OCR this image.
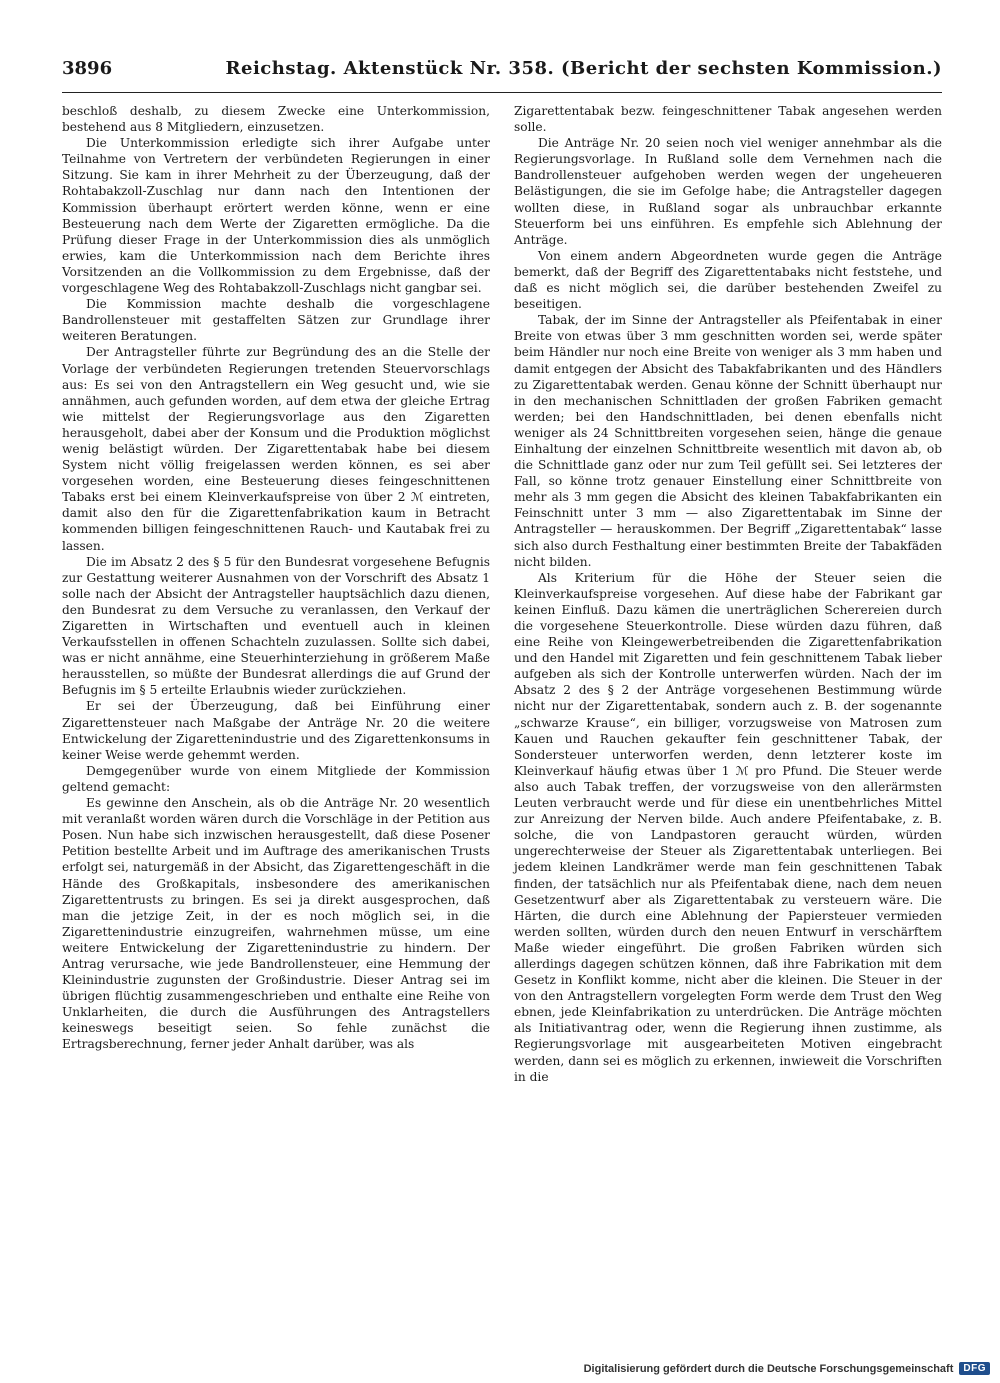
3896	Reichstag. Aktenstück Nr. 358. (Bericht der sechsten Kommission.)

beschloß deshalb, zu diesem Zwecke eine Unterkommission, bestehend aus 8 Mitgliedern, einzusetzen.

Die Unterkommission erledigte sich ihrer Aufgabe unter Teilnahme von Vertretern der verbündeten Regierungen in einer Sitzung. Sie kam in ihrer Mehrheit zu der Überzeugung, daß der Rohtabakzoll-Zuschlag nur dann nach den Intentionen der Kommission überhaupt erörtert werden könne, wenn er eine Besteuerung nach dem Werte der Zigaretten ermögliche. Da die Prüfung dieser Frage in der Unterkommission dies als unmöglich erwies, kam die Unterkommission nach dem Berichte ihres Vorsitzenden an die Vollkommission zu dem Ergebnisse, daß der vorgeschlagene Weg des Rohtabakzoll-Zuschlags nicht gangbar sei.

Die Kommission machte deshalb die vorgeschlagene Bandrollensteuer mit gestaffelten Sätzen zur Grundlage ihrer weiteren Beratungen.

Der Antragsteller führte zur Begründung des an die Stelle der Vorlage der verbündeten Regierungen tretenden Steuervorschlags aus: Es sei von den Antragstellern ein Weg gesucht und, wie sie annähmen, auch gefunden worden, auf dem etwa der gleiche Ertrag wie mittelst der Regierungsvorlage aus den Zigaretten herausgeholt, dabei aber der Konsum und die Produktion möglichst wenig belästigt würden. Der Zigarettentabak habe bei diesem System nicht völlig freigelassen werden können, es sei aber vorgesehen worden, eine Besteuerung dieses feingeschnittenen Tabaks erst bei einem Kleinverkaufspreise von über 2 ℳ eintreten, damit also den für die Zigarettenfabrikation kaum in Betracht kommenden billigen feingeschnittenen Rauch- und Kautabak frei zu lassen.

Die im Absatz 2 des § 5 für den Bundesrat vorgesehene Befugnis zur Gestattung weiterer Ausnahmen von der Vorschrift des Absatz 1 solle nach der Absicht der Antragsteller hauptsächlich dazu dienen, den Bundesrat zu dem Versuche zu veranlassen, den Verkauf der Zigaretten in Wirtschaften und eventuell auch in kleinen Verkaufsstellen in offenen Schachteln zuzulassen. Sollte sich dabei, was er nicht annähme, eine Steuerhinterziehung in größerem Maße herausstellen, so müßte der Bundesrat allerdings die auf Grund der Befugnis im § 5 erteilte Erlaubnis wieder zurückziehen.

Er sei der Überzeugung, daß bei Einführung einer Zigarettensteuer nach Maßgabe der Anträge Nr. 20 die weitere Entwickelung der Zigarettenindustrie und des Zigarettenkonsums in keiner Weise werde gehemmt werden.

Demgegenüber wurde von einem Mitgliede der Kommission geltend gemacht:

Es gewinne den Anschein, als ob die Anträge Nr. 20 wesentlich mit veranlaßt worden wären durch die Vorschläge in der Petition aus Posen. Nun habe sich inzwischen herausgestellt, daß diese Posener Petition bestellte Arbeit und im Auftrage des amerikanischen Trusts erfolgt sei, naturgemäß in der Absicht, das Zigarettengeschäft in die Hände des Großkapitals, insbesondere des amerikanischen Zigarettentrusts zu bringen. Es sei ja direkt ausgesprochen, daß man die jetzige Zeit, in der es noch möglich sei, in die Zigarettenindustrie einzugreifen, wahrnehmen müsse, um eine weitere Entwickelung der Zigarettenindustrie zu hindern. Der Antrag verursache, wie jede Bandrollensteuer, eine Hemmung der Kleinindustrie zugunsten der Großindustrie. Dieser Antrag sei im übrigen flüchtig zusammengeschrieben und enthalte eine Reihe von Unklarheiten, die durch die Ausführungen des Antragstellers keineswegs beseitigt seien. So fehle zunächst die Ertragsberechnung, ferner jeder Anhalt darüber, was als

Zigarettentabak bezw. feingeschnittener Tabak angesehen werden solle.

Die Anträge Nr. 20 seien noch viel weniger annehmbar als die Regierungsvorlage. In Rußland solle dem Vernehmen nach die Bandrollensteuer aufgehoben werden wegen der ungeheueren Belästigungen, die sie im Gefolge habe; die Antragsteller dagegen wollten diese, in Rußland sogar als unbrauchbar erkannte Steuerform bei uns einführen. Es empfehle sich Ablehnung der Anträge.

Von einem andern Abgeordneten wurde gegen die Anträge bemerkt, daß der Begriff des Zigarettentabaks nicht feststehe, und daß es nicht möglich sei, die darüber bestehenden Zweifel zu beseitigen.

Tabak, der im Sinne der Antragsteller als Pfeifentabak in einer Breite von etwas über 3 mm geschnitten worden sei, werde später beim Händler nur noch eine Breite von weniger als 3 mm haben und damit entgegen der Absicht des Tabakfabrikanten und des Händlers zu Zigarettentabak werden. Genau könne der Schnitt überhaupt nur in den mechanischen Schnittladen der großen Fabriken gemacht werden; bei den Handschnittladen, bei denen ebenfalls nicht weniger als 24 Schnittbreiten vorgesehen seien, hänge die genaue Einhaltung der einzelnen Schnittbreite wesentlich mit davon ab, ob die Schnittlade ganz oder nur zum Teil gefüllt sei. Sei letzteres der Fall, so könne trotz genauer Einstellung einer Schnittbreite von mehr als 3 mm gegen die Absicht des kleinen Tabakfabrikanten ein Feinschnitt unter 3 mm — also Zigarettentabak im Sinne der Antragsteller — herauskommen. Der Begriff „Zigarettentabak“ lasse sich also durch Festhaltung einer bestimmten Breite der Tabakfäden nicht bilden.

Als Kriterium für die Höhe der Steuer seien die Kleinverkaufspreise vorgesehen. Auf diese habe der Fabrikant gar keinen Einfluß. Dazu kämen die unerträglichen Scherereien durch die vorgesehene Steuerkontrolle. Diese würden dazu führen, daß eine Reihe von Kleingewerbetreibenden die Zigarettenfabrikation und den Handel mit Zigaretten und fein geschnittenem Tabak lieber aufgeben als sich der Kontrolle unterwerfen würden. Nach der im Absatz 2 des § 2 der Anträge vorgesehenen Bestimmung würde nicht nur der Zigarettentabak, sondern auch z. B. der sogenannte „schwarze Krause“, ein billiger, vorzugsweise von Matrosen zum Kauen und Rauchen gekaufter fein geschnittener Tabak, der Sondersteuer unterworfen werden, denn letzterer koste im Kleinverkauf häufig etwas über 1 ℳ pro Pfund. Die Steuer werde also auch Tabak treffen, der vorzugsweise von den allerärmsten Leuten verbraucht werde und für diese ein unentbehrliches Mittel zur Anreizung der Nerven bilde. Auch andere Pfeifentabake, z. B. solche, die von Landpastoren geraucht würden, würden ungerechterweise der Steuer als Zigarettentabak unterliegen. Bei jedem kleinen Landkrämer werde man fein geschnittenen Tabak finden, der tatsächlich nur als Pfeifentabak diene, nach dem neuen Gesetzentwurf aber als Zigarettentabak zu versteuern wäre. Die Härten, die durch eine Ablehnung der Papiersteuer vermieden werden sollten, würden durch den neuen Entwurf in verschärftem Maße wieder eingeführt. Die großen Fabriken würden sich allerdings dagegen schützen können, daß ihre Fabrikation mit dem Gesetz in Konflikt komme, nicht aber die kleinen. Die Steuer in der von den Antragstellern vorgelegten Form werde dem Trust den Weg ebnen, jede Kleinfabrikation zu unterdrücken. Die Anträge möchten als Initiativantrag oder, wenn die Regierung ihnen zustimme, als Regierungsvorlage mit ausgearbeiteten Motiven eingebracht werden, dann sei es möglich zu erkennen, inwieweit die Vorschriften in die

Digitalisierung gefördert durch die Deutsche Forschungsgemeinschaft	DFG
